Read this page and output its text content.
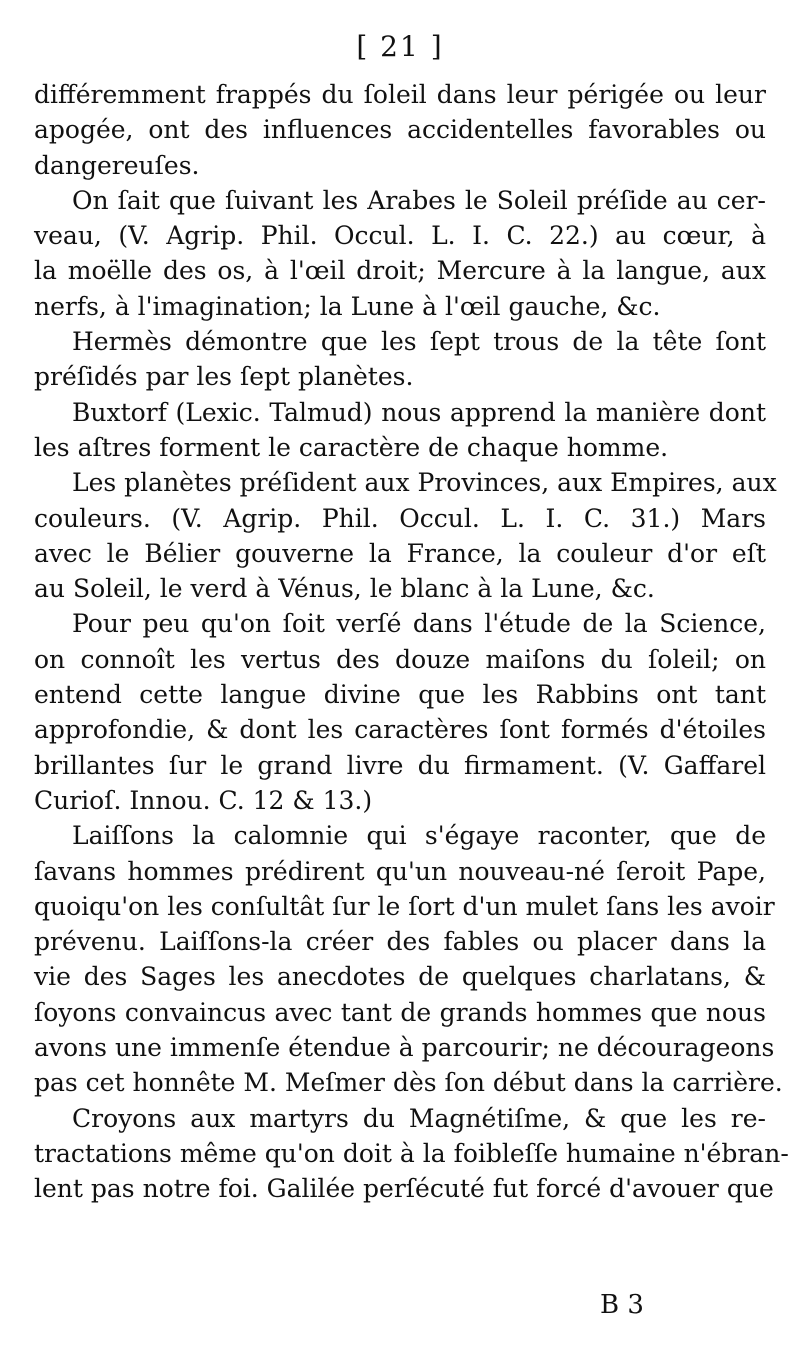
[ 21 ]
différemment frappés du ſoleil dans leur périgée ou leur
apogée, ont des influences accidentelles favorables ou
dangereuſes.
On ſait que ſuivant les Arabes le Soleil préſide au cer-
veau, (V. Agrip. Phil. Occul. L. I. C. 22.) au cœur, à
la moëlle des os, à l'œil droit; Mercure à la langue, aux
nerfs, à l'imagination; la Lune à l'œil gauche, &c.
Hermès démontre que les ſept trous de la tête ſont
préſidés par les ſept planètes.
Buxtorf (Lexic. Talmud) nous apprend la manière dont
les aſtres forment le caractère de chaque homme.
Les planètes préſident aux Provinces, aux Empires, aux
couleurs. (V. Agrip. Phil. Occul. L. I. C. 31.) Mars
avec le Bélier gouverne la France, la couleur d'or eſt
au Soleil, le verd à Vénus, le blanc à la Lune, &c.
Pour peu qu'on ſoit verſé dans l'étude de la Science,
on connoît les vertus des douze maiſons du ſoleil; on
entend cette langue divine que les Rabbins ont tant
approfondie, & dont les caractères ſont formés d'étoiles
brillantes ſur le grand livre du firmament. (V. Gaffarel
Curioſ. Innou. C. 12 & 13.)
Laiſſons la calomnie qui s'égaye raconter, que de
ſavans hommes prédirent qu'un nouveau-né ſeroit Pape,
quoiqu'on les conſultât ſur le ſort d'un mulet ſans les avoir
prévenu. Laiſſons-la créer des fables ou placer dans la
vie des Sages les anecdotes de quelques charlatans, &
ſoyons convaincus avec tant de grands hommes que nous
avons une immenſe étendue à parcourir; ne décourageons
pas cet honnête M. Meſmer dès ſon début dans la carrière.
Croyons aux martyrs du Magnétiſme, & que les re-
tractations même qu'on doit à la foibleſſe humaine n'ébran-
lent pas notre foi. Galilée perſécuté fut forcé d'avouer que
B 3
